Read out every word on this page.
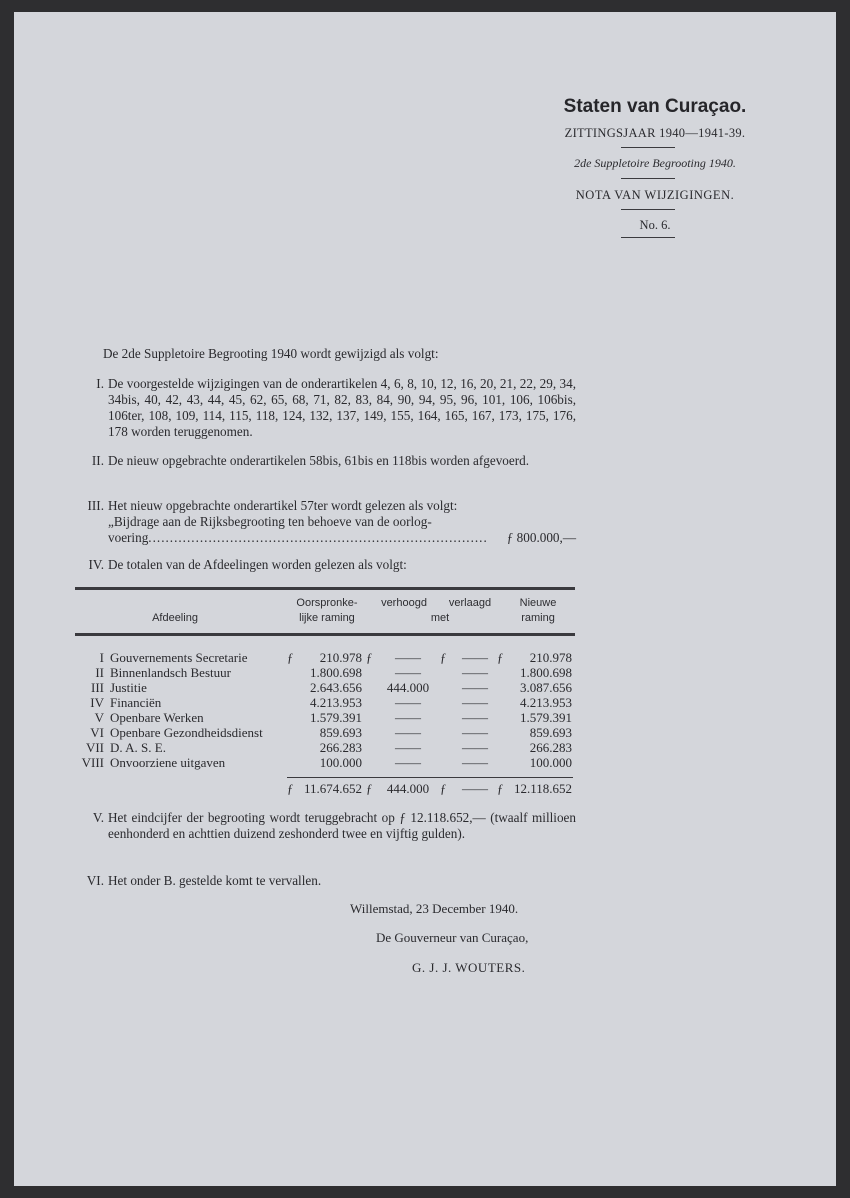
Staten van Curaçao.
ZITTINGSJAAR 1940—1941-39.
2de Suppletoire Begrooting 1940.
NOTA VAN WIJZIGINGEN.
No. 6.
De 2de Suppletoire Begrooting 1940 wordt gewijzigd als volgt:
I. De voorgestelde wijzigingen van de onderartikelen 4, 6, 8, 10, 12, 16, 20, 21, 22, 29, 34, 34bis, 40, 42, 43, 44, 45, 62, 65, 68, 71, 82, 83, 84, 90, 94, 95, 96, 101, 106, 106bis, 106ter, 108, 109, 114, 115, 118, 124, 132, 137, 149, 155, 164, 165, 167, 173, 175, 176, 178 worden teruggenomen.
II. De nieuw opgebrachte onderartikelen 58bis, 61bis en 118bis worden afgevoerd.
III. Het nieuw opgebrachte onderartikel 57ter wordt gelezen als volgt:
„Bijdrage aan de Rijksbegrooting ten behoeve van de oorlog-
voering ...............................................................................	ƒ 800.000,—
IV. De totalen van de Afdeelingen worden gelezen als volgt:
Afdeeling
Oorspronke-
lijke raming
verhoogd	verlaagd
met
Nieuwe
raming
I Gouvernements Secretarie	210.978	——	——	210.978
ƒ	ƒ	ƒ	ƒ
II Binnenlandsch Bestuur	1.800.698	——	——	1.800.698
III Justitie	2.643.656	444.000	——	3.087.656
IV Financiën	4.213.953	——	——	4.213.953
V Openbare Werken	1.579.391	——	——	1.579.391
VI Openbare Gezondheidsdienst	859.693	——	——	859.693
VII D. A. S. E.	266.283	——	——	266.283
VIII Onvoorziene uitgaven	100.000	——	——	100.000
ƒ 11.674.652 ƒ	444.000 ƒ	—— ƒ 12.118.652
V. Het eindcijfer der begrooting wordt teruggebracht op ƒ 12.118.652,— (twaalf millioen eenhonderd en achttien duizend zeshonderd twee en vijftig gulden).
VI. Het onder B. gestelde komt te vervallen.
Willemstad, 23 December 1940.
De Gouverneur van Curaçao,
G. J. J. WOUTERS.
